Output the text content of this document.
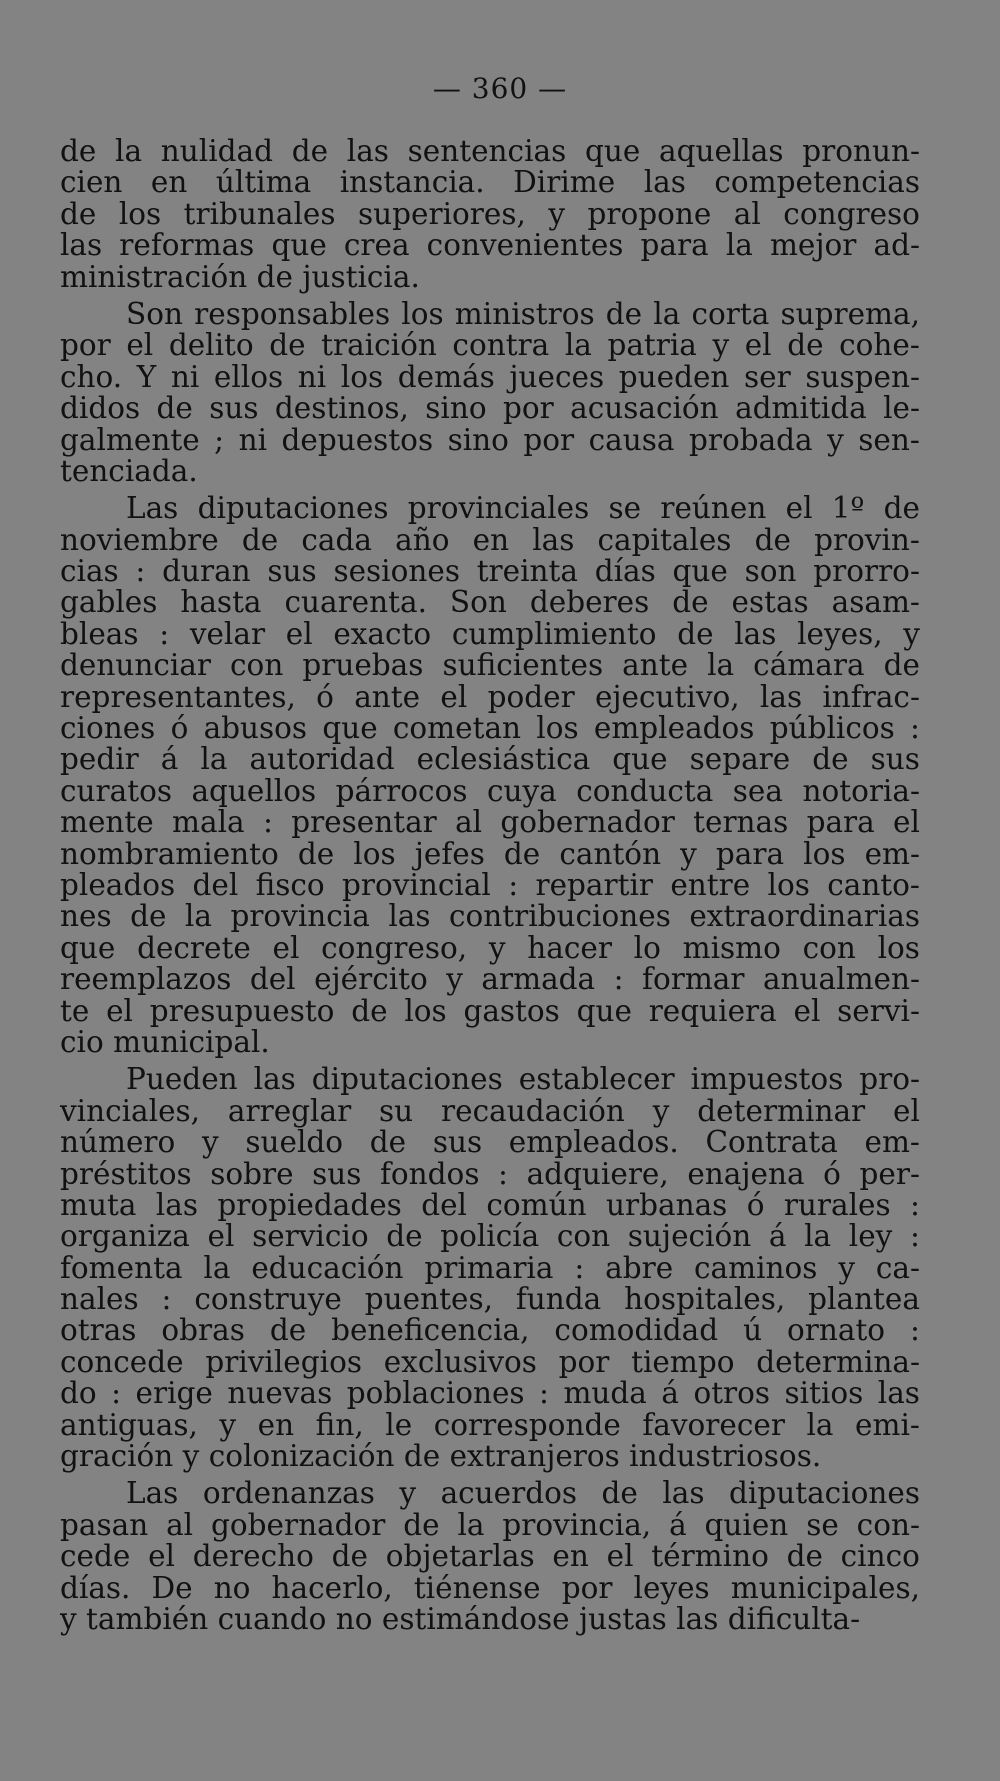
— 360 —
de la nulidad de las sentencias que aquellas pronun-
cien en última instancia. Dirime las competencias
de los tribunales superiores, y propone al congreso
las reformas que crea convenientes para la mejor ad-
ministración de justicia.
Son responsables los ministros de la corta suprema,
por el delito de traición contra la patria y el de cohe-
cho. Y ni ellos ni los demás jueces pueden ser suspen-
didos de sus destinos, sino por acusación admitida le-
galmente ; ni depuestos sino por causa probada y sen-
tenciada.
Las diputaciones provinciales se reúnen el 1º de
noviembre de cada año en las capitales de provin-
cias : duran sus sesiones treinta días que son prorro-
gables hasta cuarenta. Son deberes de estas asam-
bleas : velar el exacto cumplimiento de las leyes, y
denunciar con pruebas suficientes ante la cámara de
representantes, ó ante el poder ejecutivo, las infrac-
ciones ó abusos que cometan los empleados públicos :
pedir á la autoridad eclesiástica que separe de sus
curatos aquellos párrocos cuya conducta sea notoria-
mente mala : presentar al gobernador ternas para el
nombramiento de los jefes de cantón y para los em-
pleados del fisco provincial : repartir entre los canto-
nes de la provincia las contribuciones extraordinarias
que decrete el congreso, y hacer lo mismo con los
reemplazos del ejército y armada : formar anualmen-
te el presupuesto de los gastos que requiera el servi-
cio municipal.
Pueden las diputaciones establecer impuestos pro-
vinciales, arreglar su recaudación y determinar el
número y sueldo de sus empleados. Contrata em-
préstitos sobre sus fondos : adquiere, enajena ó per-
muta las propiedades del común urbanas ó rurales :
organiza el servicio de policía con sujeción á la ley :
fomenta la educación primaria : abre caminos y ca-
nales : construye puentes, funda hospitales, plantea
otras obras de beneficencia, comodidad ú ornato :
concede privilegios exclusivos por tiempo determina-
do : erige nuevas poblaciones : muda á otros sitios las
antiguas, y en fin, le corresponde favorecer la emi-
gración y colonización de extranjeros industriosos.
Las ordenanzas y acuerdos de las diputaciones
pasan al gobernador de la provincia, á quien se con-
cede el derecho de objetarlas en el término de cinco
días. De no hacerlo, tiénense por leyes municipales,
y también cuando no estimándose justas las dificulta-
